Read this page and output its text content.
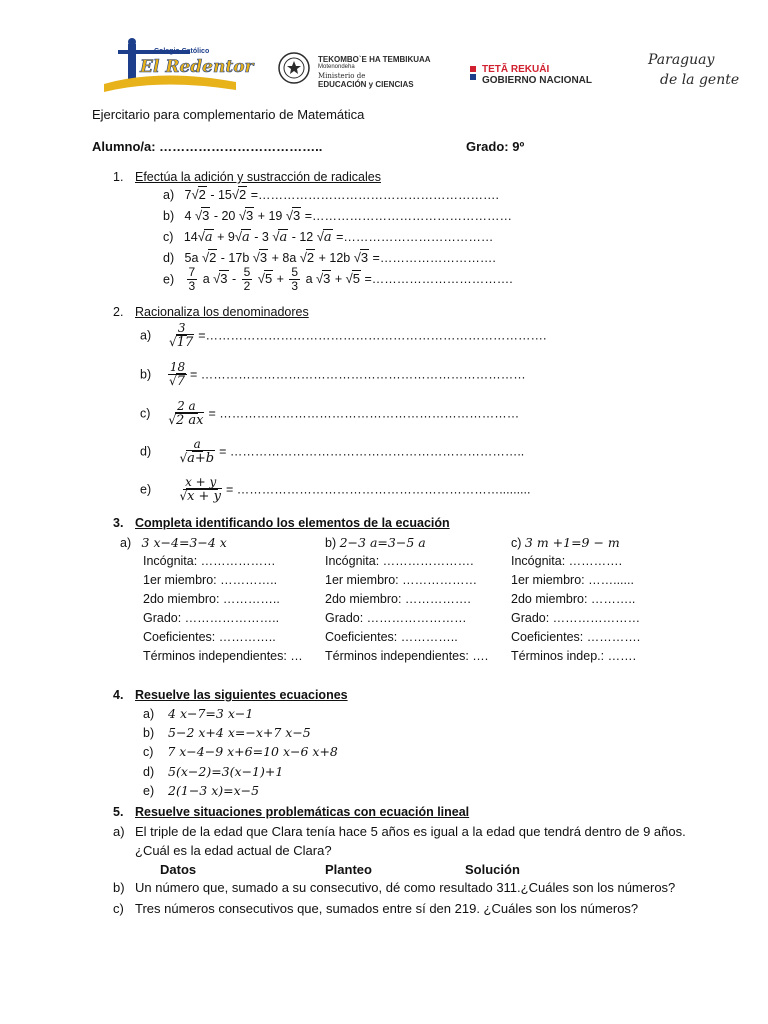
Colegio Católico
El Redentor	TEKOMBO`E HA TEMBIKUAA
Motenondeha
Ministerio de
EDUCACIÓN y CIENCIAS
TETÃ REKUÁI
GOBIERNO NACIONAL
Paraguay
de la gente
Ejercitario para complementario de Matemática
Alumno/a: ………………………………..	Grado: 9º
1. Efectúa la adición y sustracción de radicales
a) 7√2 - 15√2 =………………………………………………….
b) 4 √3 - 20 √3 + 19 √3 =…………………………………………
c) 14√a + 9√a - 3 √a - 12 √a =………………………………
d) 5a √2 - 17b √3 + 8a √2 + 12b √3 =……………………….
$e) \frac{7}{3}$ a $√3 - \frac{5}{2} √5 + \frac{5}{3}$ a √3 + √5 =…………………………….
2. Racionaliza los denominadores
$a) \frac{3}{√17}$ =……………………………………………………………………….
$b) \frac{18}{√7}$ = ……………………………………………………………………
$c) \frac{2 a}{√2 ax}$ = ………………………………………………………………
$d) \frac{a}{√a+b}$ = ……………………………………………………………..
$e) \frac{x + y}{√x + y}$ = ……………………………………………………….........
3. Completa identificando los elementos de la ecuación
a) 3 x−4=3−4 x	b) 2−3 a=3−5 a	c) 3 m +1=9 − m
Incógnita: ………………
1er miembro: …………..
2do miembro: …………..
Grado: …………………..
Coeficientes: …………..
Términos independientes: …
Incógnita: ………………….
1er miembro: ………………
2do miembro: …………….
Grado: ……………………
Coeficientes: …………..
Términos independientes: ….
Incógnita: ………….
1er miembro: ……......
2do miembro: ………..
Grado: …………………
Coeficientes: ………….
Términos indep.: …….
4. Resuelve las siguientes ecuaciones
a) 4 x−7=3 x−1
b) 5−2 x+4 x=−x+7 x−5
c) 7 x−4−9 x+6=10 x−6 x+8
d) 5(x−2)=3(x−1)+1
e) 2(1−3 x)=x−5
5. Resuelve situaciones problemáticas con ecuación lineal
a) El triple de la edad que Clara tenía hace 5 años es igual a la edad que tendrá dentro de 9 años.
¿Cuál es la edad actual de Clara?
Datos	Planteo	Solución
b) Un número que, sumado a su consecutivo, dé como resultado 311.¿Cuáles son los números?
c) Tres números consecutivos que, sumados entre sí den 219. ¿Cuáles son los números?
